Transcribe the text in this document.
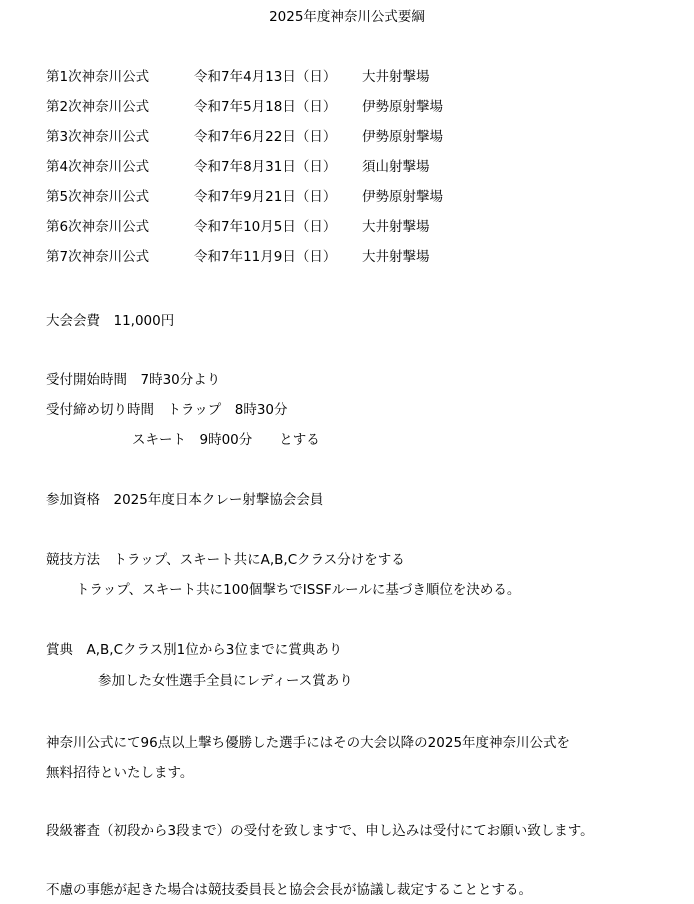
2025年度神奈川公式要綱
第1次神奈川公式	令和7年4月13日（日） 大井射撃場
第2次神奈川公式	令和7年5月18日（日） 伊勢原射撃場
第3次神奈川公式	令和7年6月22日（日） 伊勢原射撃場
第4次神奈川公式	令和7年8月31日（日） 須山射撃場
第5次神奈川公式	令和7年9月21日（日） 伊勢原射撃場
第6次神奈川公式	令和7年10月5日（日） 大井射撃場
第7次神奈川公式	令和7年11月9日（日） 大井射撃場
大会会費　11,000円
受付開始時間　7時30分より
受付締め切り時間　トラップ　8時30分
スキート　9時00分　　とする
参加資格　2025年度日本クレー射撃協会会員
競技方法　トラップ、スキート共にA,B,Cクラス分けをする
トラップ、スキート共に100個撃ちでISSFルールに基づき順位を決める。
賞典　A,B,Cクラス別1位から3位までに賞典あり
参加した女性選手全員にレディース賞あり
神奈川公式にて96点以上撃ち優勝した選手にはその大会以降の2025年度神奈川公式を
無料招待といたします。
段級審査（初段から3段まで）の受付を致しますで、申し込みは受付にてお願い致します。
不慮の事態が起きた場合は競技委員長と協会会長が協議し裁定することとする。
